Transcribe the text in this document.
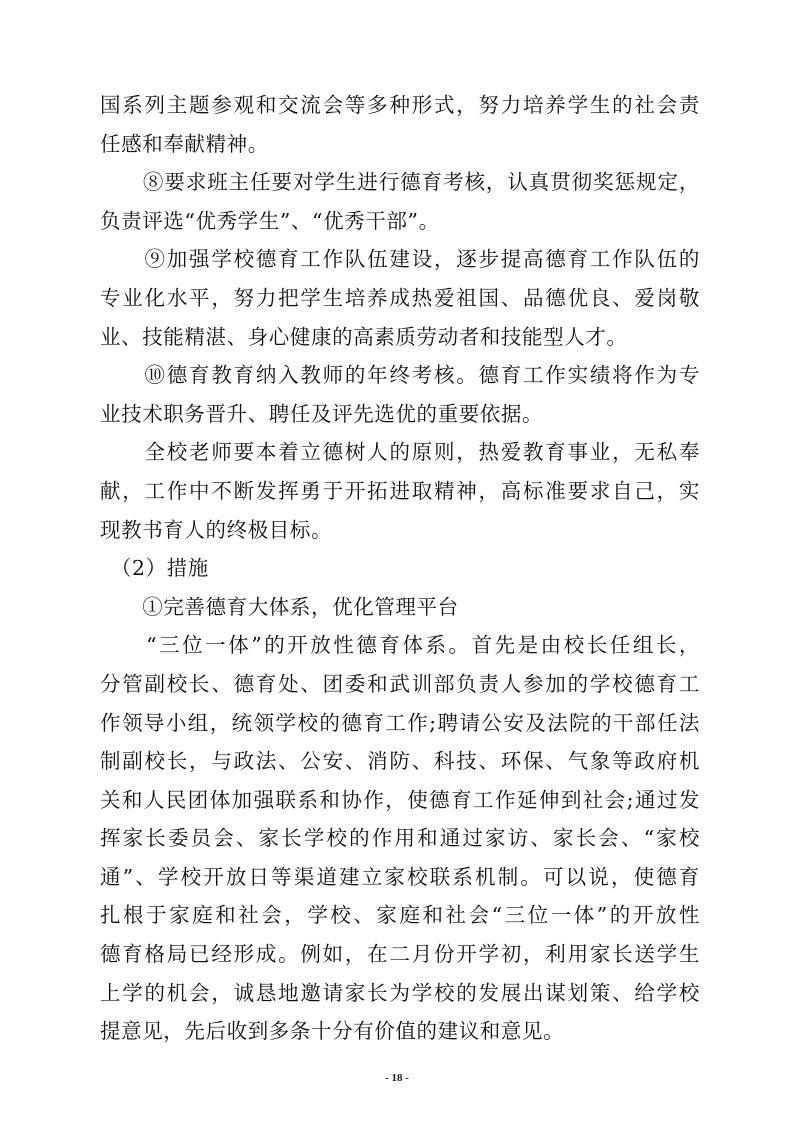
国系列主题参观和交流会等多种形式，努力培养学生的社会责
任感和奉献精神。
　　⑧要求班主任要对学生进行德育考核，认真贯彻奖惩规定，
负责评选“优秀学生”、“优秀干部”。
　　⑨加强学校德育工作队伍建设，逐步提高德育工作队伍的
专业化水平，努力把学生培养成热爱祖国、品德优良、爱岗敬
业、技能精湛、身心健康的高素质劳动者和技能型人才。
　　⑩德育教育纳入教师的年终考核。德育工作实绩将作为专
业技术职务晋升、聘任及评先选优的重要依据。
　　全校老师要本着立德树人的原则，热爱教育事业，无私奉
献，工作中不断发挥勇于开拓进取精神，高标准要求自己，实
现教书育人的终极目标。
　（2）措施
　　①完善德育大体系，优化管理平台
　　“三位一体”的开放性德育体系。首先是由校长任组长，
分管副校长、德育处、团委和武训部负责人参加的学校德育工
作领导小组，统领学校的德育工作;聘请公安及法院的干部任法
制副校长，与政法、公安、消防、科技、环保、气象等政府机
关和人民团体加强联系和协作，使德育工作延伸到社会;通过发
挥家长委员会、家长学校的作用和通过家访、家长会、“家校
通”、学校开放日等渠道建立家校联系机制。可以说，使德育
扎根于家庭和社会，学校、家庭和社会“三位一体”的开放性
德育格局已经形成。例如，在二月份开学初，利用家长送学生
上学的机会，诚恳地邀请家长为学校的发展出谋划策、给学校
提意见，先后收到多条十分有价值的建议和意见。
- 18 -
